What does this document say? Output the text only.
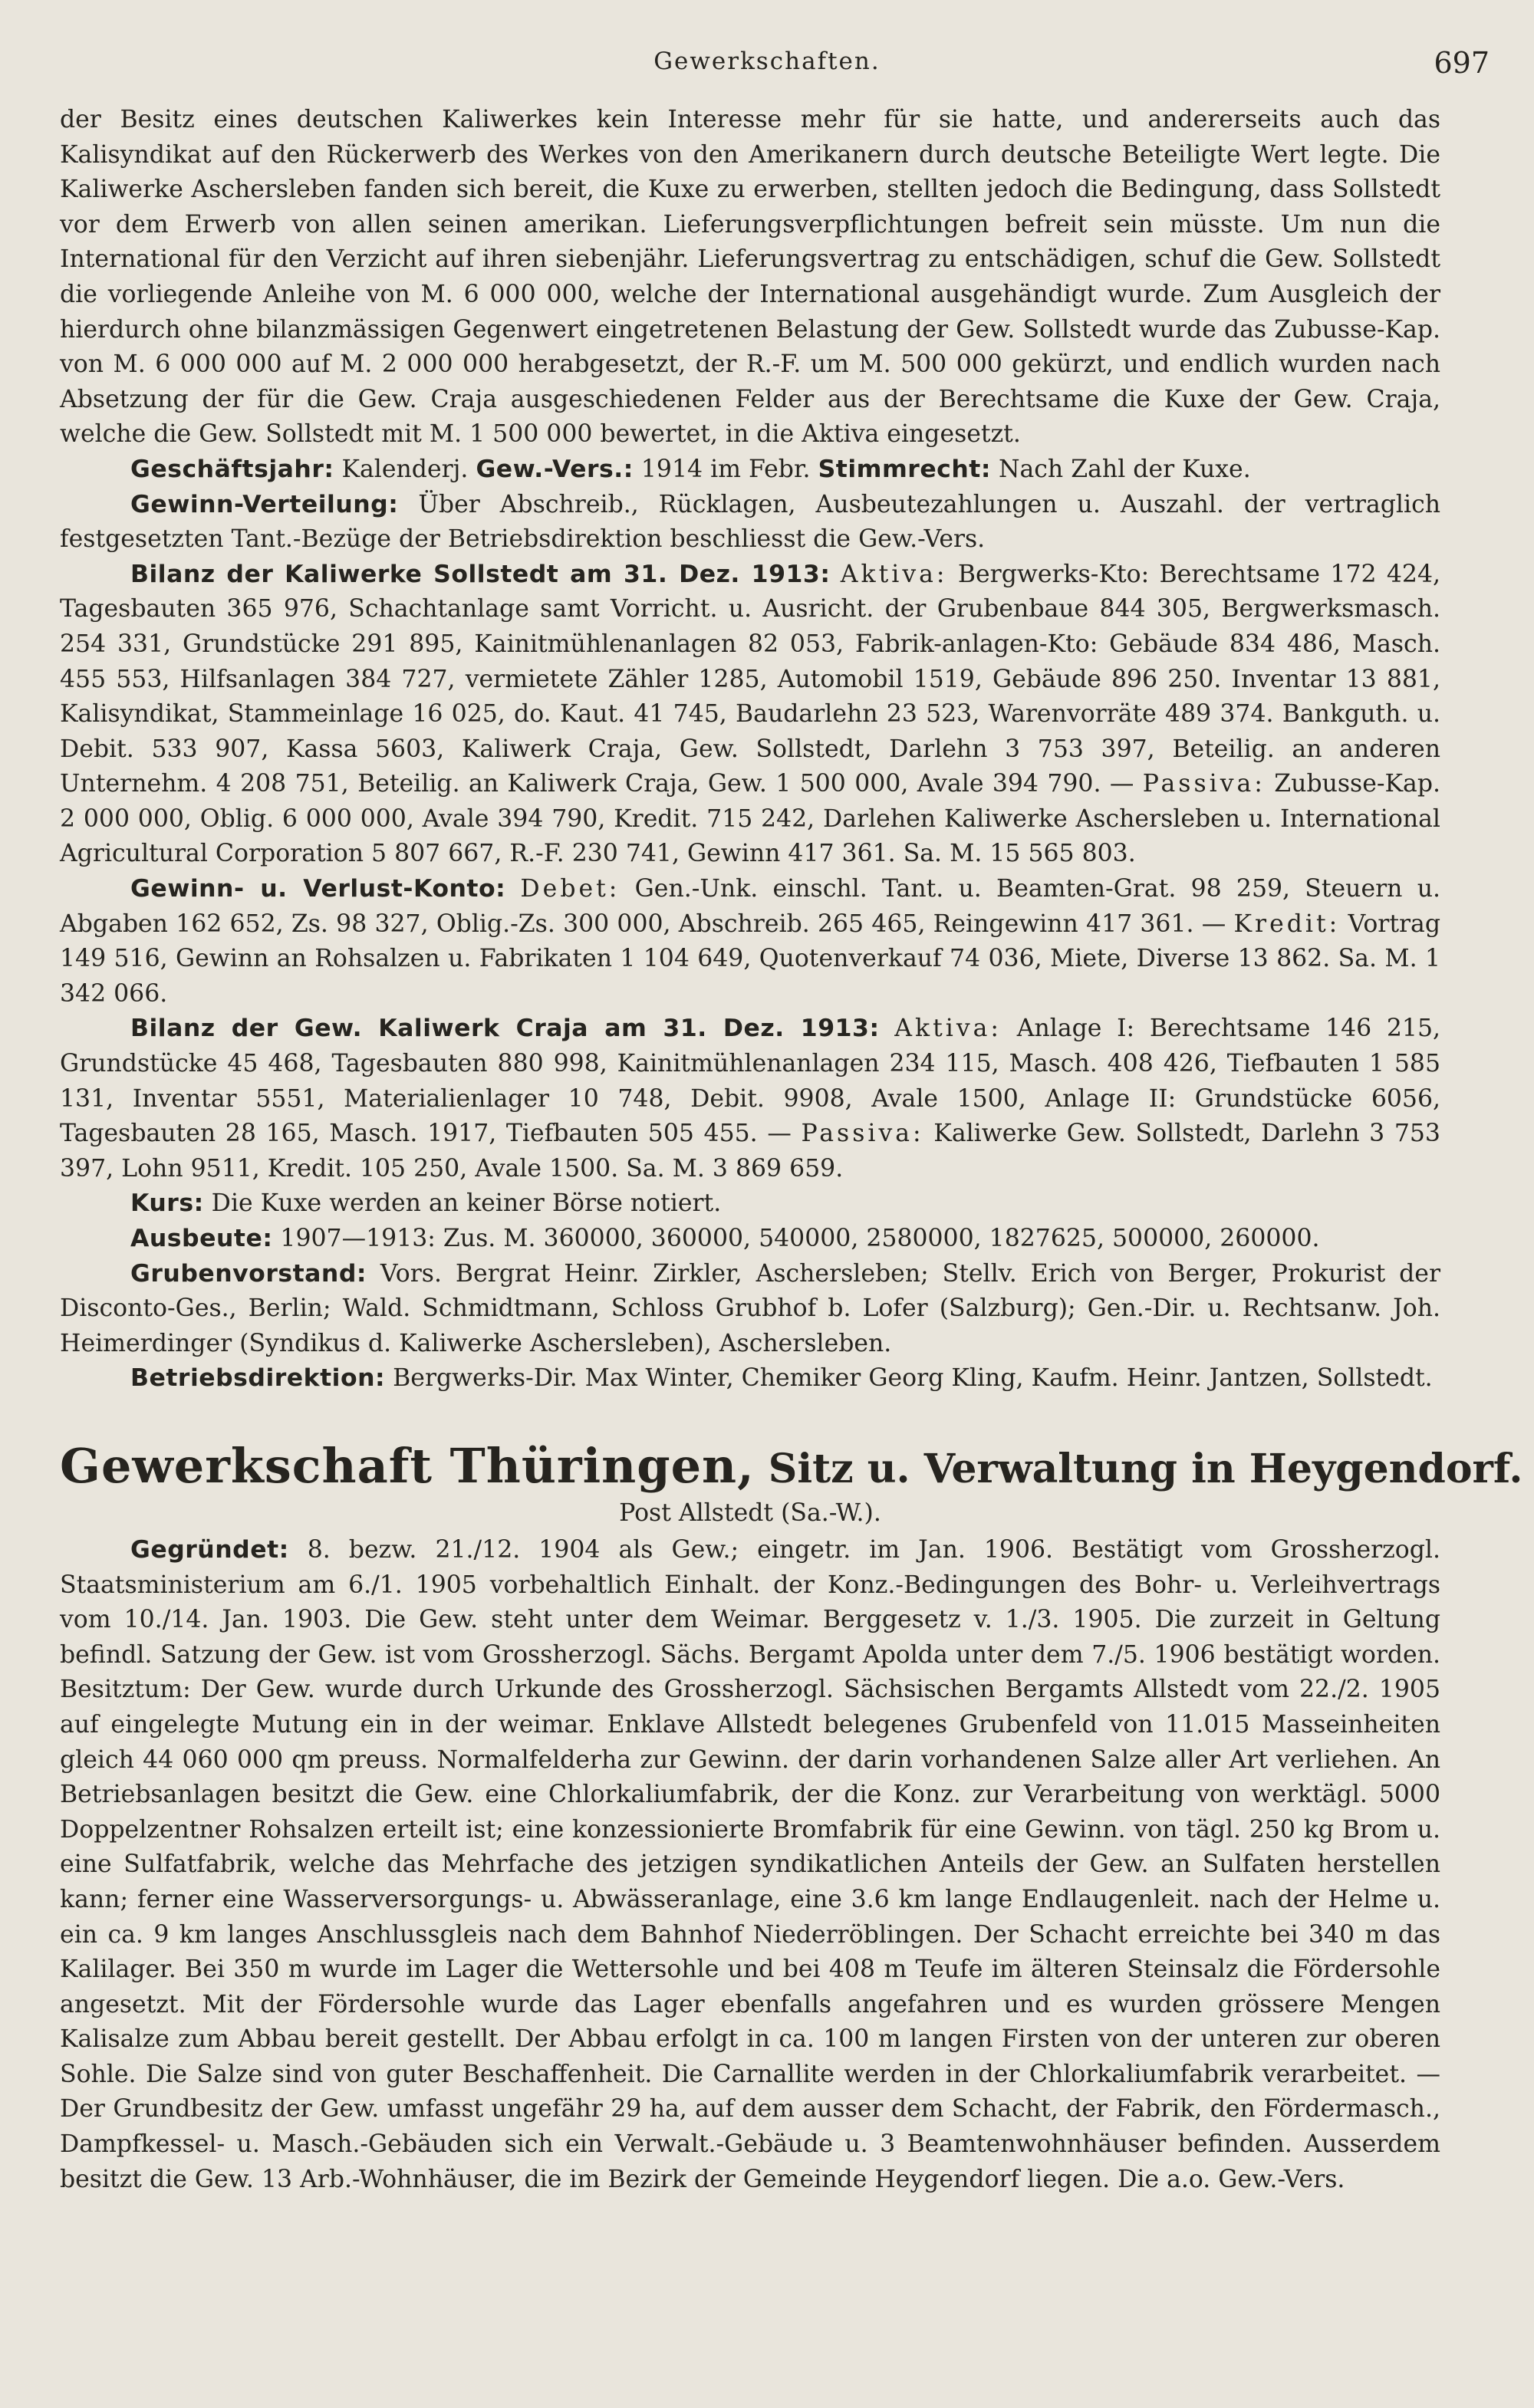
Gewerkschaften.	697

der Besitz eines deutschen Kaliwerkes kein Interesse mehr für sie hatte, und andererseits auch das Kalisyndikat auf den Rückerwerb des Werkes von den Amerikanern durch deutsche Beteiligte Wert legte. Die Kaliwerke Aschersleben fanden sich bereit, die Kuxe zu erwerben, stellten jedoch die Bedingung, dass Sollstedt vor dem Erwerb von allen seinen amerikan. Lieferungsverpflichtungen befreit sein müsste. Um nun die International für den Verzicht auf ihren siebenjähr. Lieferungsvertrag zu entschädigen, schuf die Gew. Sollstedt die vorliegende Anleihe von M. 6 000 000, welche der International ausgehändigt wurde. Zum Ausgleich der hierdurch ohne bilanzmässigen Gegenwert eingetretenen Belastung der Gew. Sollstedt wurde das Zubusse-Kap. von M. 6 000 000 auf M. 2 000 000 herabgesetzt, der R.-F. um M. 500 000 gekürzt, und endlich wurden nach Absetzung der für die Gew. Craja ausgeschiedenen Felder aus der Berechtsame die Kuxe der Gew. Craja, welche die Gew. Sollstedt mit M. 1 500 000 bewertet, in die Aktiva eingesetzt.

Geschäftsjahr: Kalenderj. Gew.-Vers.: 1914 im Febr. Stimmrecht: Nach Zahl der Kuxe.

Gewinn-Verteilung: Über Abschreib., Rücklagen, Ausbeutezahlungen u. Auszahl. der vertraglich festgesetzten Tant.-Bezüge der Betriebsdirektion beschliesst die Gew.-Vers.

Bilanz der Kaliwerke Sollstedt am 31. Dez. 1913: Aktiva: Bergwerks-Kto: Berechtsame 172 424, Tagesbauten 365 976, Schachtanlage samt Vorricht. u. Ausricht. der Grubenbaue 844 305, Bergwerksmasch. 254 331, Grundstücke 291 895, Kainitmühlenanlagen 82 053, Fabrik-anlagen-Kto: Gebäude 834 486, Masch. 455 553, Hilfsanlagen 384 727, vermietete Zähler 1285, Automobil 1519, Gebäude 896 250. Inventar 13 881, Kalisyndikat, Stammeinlage 16 025, do. Kaut. 41 745, Baudarlehn 23 523, Warenvorräte 489 374. Bankguth. u. Debit. 533 907, Kassa 5603, Kaliwerk Craja, Gew. Sollstedt, Darlehn 3 753 397, Beteilig. an anderen Unternehm. 4 208 751, Beteilig. an Kaliwerk Craja, Gew. 1 500 000, Avale 394 790. — Passiva: Zubusse-Kap. 2 000 000, Oblig. 6 000 000, Avale 394 790, Kredit. 715 242, Darlehen Kaliwerke Aschersleben u. International Agricultural Corporation 5 807 667, R.-F. 230 741, Gewinn 417 361. Sa. M. 15 565 803.

Gewinn- u. Verlust-Konto: Debet: Gen.-Unk. einschl. Tant. u. Beamten-Grat. 98 259, Steuern u. Abgaben 162 652, Zs. 98 327, Oblig.-Zs. 300 000, Abschreib. 265 465, Reingewinn 417 361. — Kredit: Vortrag 149 516, Gewinn an Rohsalzen u. Fabrikaten 1 104 649, Quotenverkauf 74 036, Miete, Diverse 13 862. Sa. M. 1 342 066.

Bilanz der Gew. Kaliwerk Craja am 31. Dez. 1913: Aktiva: Anlage I: Berechtsame 146 215, Grundstücke 45 468, Tagesbauten 880 998, Kainitmühlenanlagen 234 115, Masch. 408 426, Tiefbauten 1 585 131, Inventar 5551, Materialienlager 10 748, Debit. 9908, Avale 1500, Anlage II: Grundstücke 6056, Tagesbauten 28 165, Masch. 1917, Tiefbauten 505 455. — Passiva: Kaliwerke Gew. Sollstedt, Darlehn 3 753 397, Lohn 9511, Kredit. 105 250, Avale 1500. Sa. M. 3 869 659.

Kurs: Die Kuxe werden an keiner Börse notiert.

Ausbeute: 1907—1913: Zus. M. 360000, 360000, 540000, 2580000, 1827625, 500000, 260000.

Grubenvorstand: Vors. Bergrat Heinr. Zirkler, Aschersleben; Stellv. Erich von Berger, Prokurist der Disconto-Ges., Berlin; Wald. Schmidtmann, Schloss Grubhof b. Lofer (Salzburg); Gen.-Dir. u. Rechtsanw. Joh. Heimerdinger (Syndikus d. Kaliwerke Aschersleben), Aschersleben.

Betriebsdirektion: Bergwerks-Dir. Max Winter, Chemiker Georg Kling, Kaufm. Heinr. Jantzen, Sollstedt.

Gewerkschaft Thüringen, Sitz u. Verwaltung in Heygendorf.
Post Allstedt (Sa.-W.).

Gegründet: 8. bezw. 21./12. 1904 als Gew.; eingetr. im Jan. 1906. Bestätigt vom Grossherzogl. Staatsministerium am 6./1. 1905 vorbehaltlich Einhalt. der Konz.-Bedingungen des Bohr- u. Verleihvertrags vom 10./14. Jan. 1903. Die Gew. steht unter dem Weimar. Berggesetz v. 1./3. 1905. Die zurzeit in Geltung befindl. Satzung der Gew. ist vom Grossherzogl. Sächs. Bergamt Apolda unter dem 7./5. 1906 bestätigt worden. Besitztum: Der Gew. wurde durch Urkunde des Grossherzogl. Sächsischen Bergamts Allstedt vom 22./2. 1905 auf eingelegte Mutung ein in der weimar. Enklave Allstedt belegenes Grubenfeld von 11.015 Masseinheiten gleich 44 060 000 qm preuss. Normalfelderha zur Gewinn. der darin vorhandenen Salze aller Art verliehen. An Betriebsanlagen besitzt die Gew. eine Chlorkaliumfabrik, der die Konz. zur Verarbeitung von werktägl. 5000 Doppelzentner Rohsalzen erteilt ist; eine konzessionierte Bromfabrik für eine Gewinn. von tägl. 250 kg Brom u. eine Sulfatfabrik, welche das Mehrfache des jetzigen syndikatlichen Anteils der Gew. an Sulfaten herstellen kann; ferner eine Wasserversorgungs- u. Abwässeranlage, eine 3.6 km lange Endlaugenleit. nach der Helme u. ein ca. 9 km langes Anschlussgleis nach dem Bahnhof Niederröblingen. Der Schacht erreichte bei 340 m das Kalilager. Bei 350 m wurde im Lager die Wettersohle und bei 408 m Teufe im älteren Steinsalz die Fördersohle angesetzt. Mit der Fördersohle wurde das Lager ebenfalls angefahren und es wurden grössere Mengen Kalisalze zum Abbau bereit gestellt. Der Abbau erfolgt in ca. 100 m langen Firsten von der unteren zur oberen Sohle. Die Salze sind von guter Beschaffenheit. Die Carnallite werden in der Chlorkaliumfabrik verarbeitet. — Der Grundbesitz der Gew. umfasst ungefähr 29 ha, auf dem ausser dem Schacht, der Fabrik, den Fördermasch., Dampfkessel- u. Masch.-Gebäuden sich ein Verwalt.-Gebäude u. 3 Beamtenwohnhäuser befinden. Ausserdem besitzt die Gew. 13 Arb.-Wohnhäuser, die im Bezirk der Gemeinde Heygendorf liegen. Die a.o. Gew.-Vers.
